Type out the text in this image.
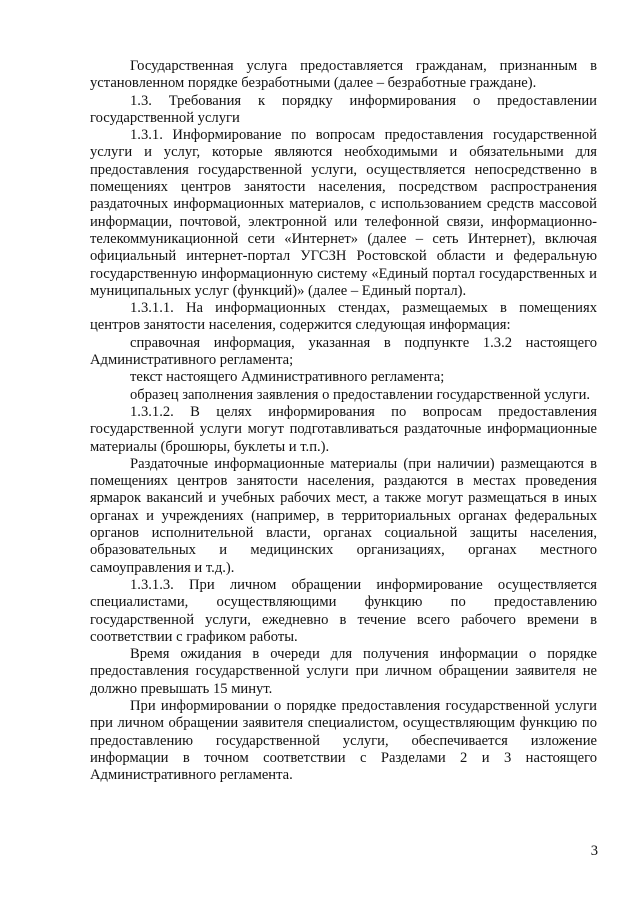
Государственная услуга предоставляется гражданам, признанным в установленном порядке безработными (далее – безработные граждане).

1.3. Требования к порядку информирования о предоставлении государственной услуги

1.3.1. Информирование по вопросам предоставления государственной услуги и услуг, которые являются необходимыми и обязательными для предоставления государственной услуги, осуществляется непосредственно в помещениях центров занятости населения, посредством распространения раздаточных информационных материалов, с использованием средств массовой информации, почтовой, электронной или телефонной связи, информационно-телекоммуникационной сети «Интернет» (далее – сеть Интернет), включая официальный интернет-портал УГСЗН Ростовской области и федеральную государственную информационную систему «Единый портал государственных и муниципальных услуг (функций)» (далее – Единый портал).

1.3.1.1. На информационных стендах, размещаемых в помещениях центров занятости населения, содержится следующая информация:

справочная информация, указанная в подпункте 1.3.2 настоящего Административного регламента;

текст настоящего Административного регламента;

образец заполнения заявления о предоставлении государственной услуги.

1.3.1.2. В целях информирования по вопросам предоставления государственной услуги могут подготавливаться раздаточные информационные материалы (брошюры, буклеты и т.п.).

Раздаточные информационные материалы (при наличии) размещаются в помещениях центров занятости населения, раздаются в местах проведения ярмарок вакансий и учебных рабочих мест, а также могут размещаться в иных органах и учреждениях (например, в территориальных органах федеральных органов исполнительной власти, органах социальной защиты населения, образовательных и медицинских организациях, органах местного самоуправления и т.д.).

1.3.1.3. При личном обращении информирование осуществляется специалистами, осуществляющими функцию по предоставлению государственной услуги, ежедневно в течение всего рабочего времени в соответствии с графиком работы.

Время ожидания в очереди для получения информации о порядке предоставления государственной услуги при личном обращении заявителя не должно превышать 15 минут.

При информировании о порядке предоставления государственной услуги при личном обращении заявителя специалистом, осуществляющим функцию по предоставлению государственной услуги, обеспечивается изложение информации в точном соответствии с Разделами 2 и 3 настоящего Административного регламента.

3
